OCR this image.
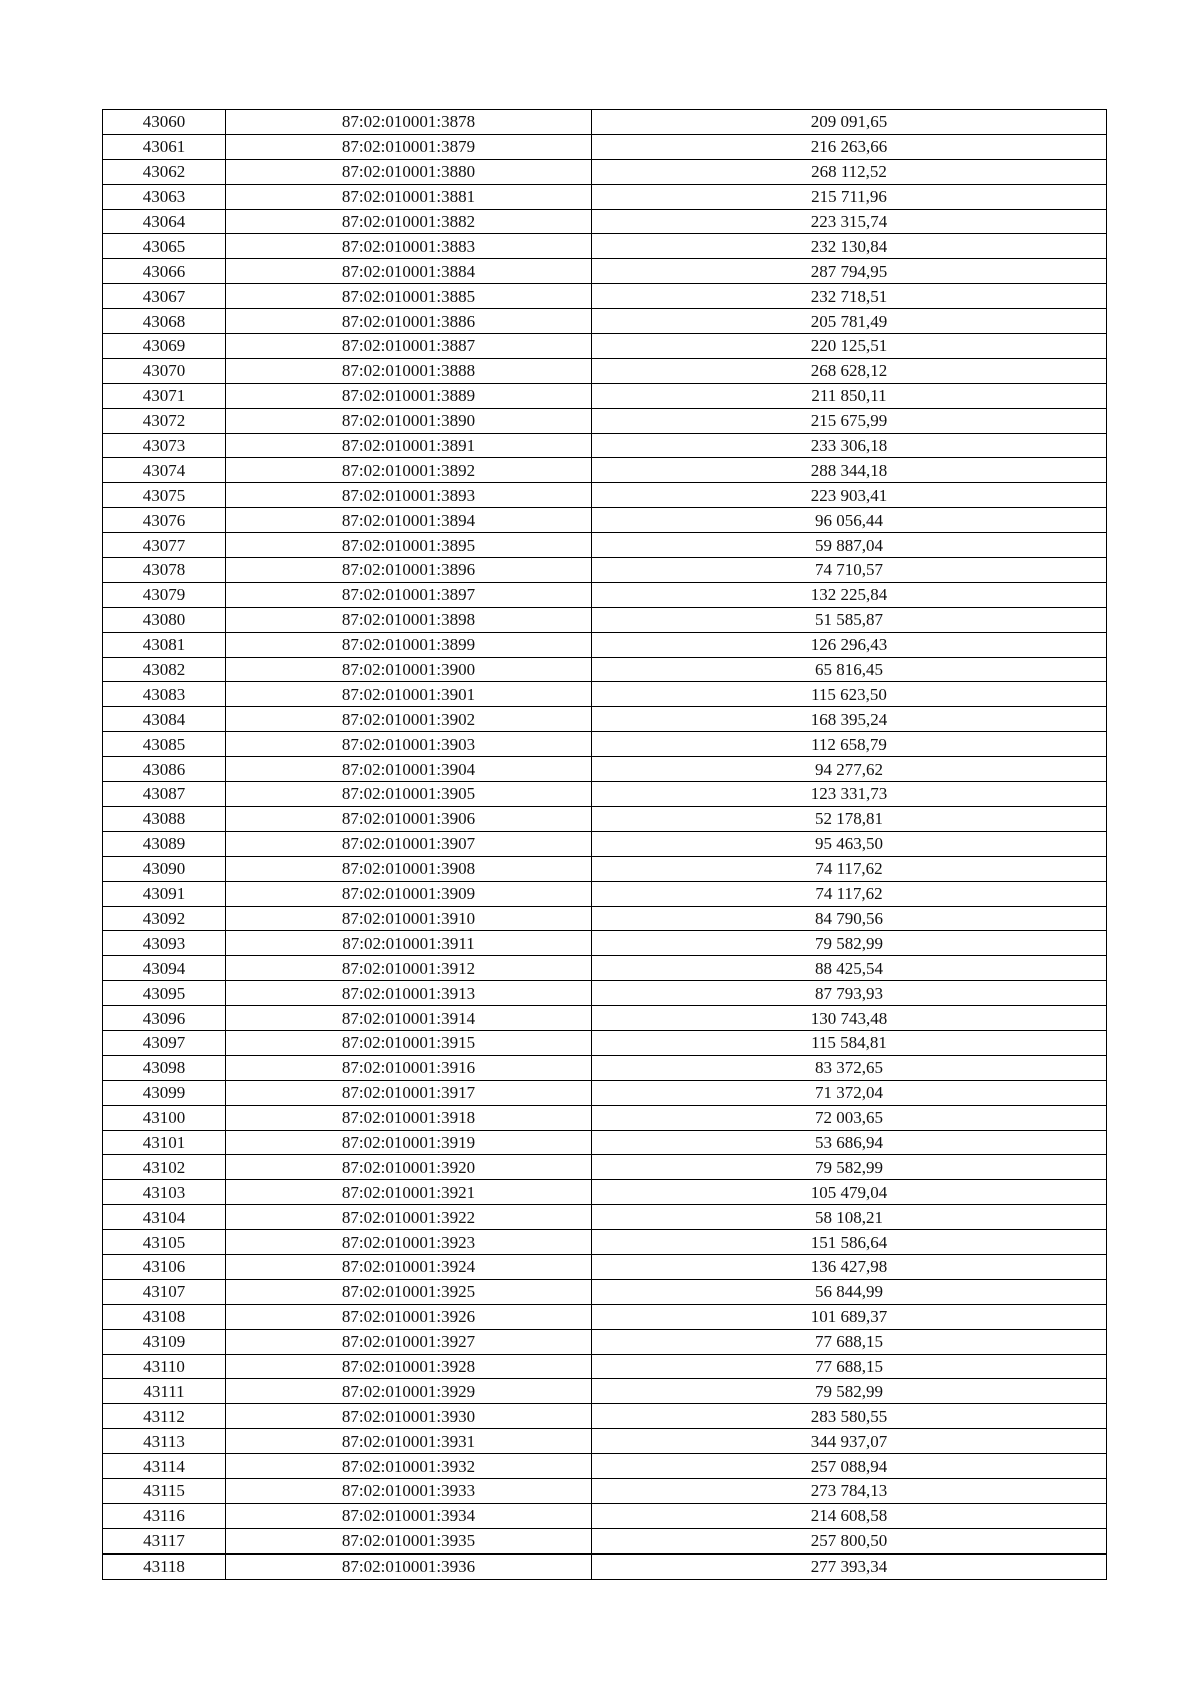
43060	87:02:010001:3878	209 091,65
43061	87:02:010001:3879	216 263,66
43062	87:02:010001:3880	268 112,52
43063	87:02:010001:3881	215 711,96
43064	87:02:010001:3882	223 315,74
43065	87:02:010001:3883	232 130,84
43066	87:02:010001:3884	287 794,95
43067	87:02:010001:3885	232 718,51
43068	87:02:010001:3886	205 781,49
43069	87:02:010001:3887	220 125,51
43070	87:02:010001:3888	268 628,12
43071	87:02:010001:3889	211 850,11
43072	87:02:010001:3890	215 675,99
43073	87:02:010001:3891	233 306,18
43074	87:02:010001:3892	288 344,18
43075	87:02:010001:3893	223 903,41
43076	87:02:010001:3894	96 056,44
43077	87:02:010001:3895	59 887,04
43078	87:02:010001:3896	74 710,57
43079	87:02:010001:3897	132 225,84
43080	87:02:010001:3898	51 585,87
43081	87:02:010001:3899	126 296,43
43082	87:02:010001:3900	65 816,45
43083	87:02:010001:3901	115 623,50
43084	87:02:010001:3902	168 395,24
43085	87:02:010001:3903	112 658,79
43086	87:02:010001:3904	94 277,62
43087	87:02:010001:3905	123 331,73
43088	87:02:010001:3906	52 178,81
43089	87:02:010001:3907	95 463,50
43090	87:02:010001:3908	74 117,62
43091	87:02:010001:3909	74 117,62
43092	87:02:010001:3910	84 790,56
43093	87:02:010001:3911	79 582,99
43094	87:02:010001:3912	88 425,54
43095	87:02:010001:3913	87 793,93
43096	87:02:010001:3914	130 743,48
43097	87:02:010001:3915	115 584,81
43098	87:02:010001:3916	83 372,65
43099	87:02:010001:3917	71 372,04
43100	87:02:010001:3918	72 003,65
43101	87:02:010001:3919	53 686,94
43102	87:02:010001:3920	79 582,99
43103	87:02:010001:3921	105 479,04
43104	87:02:010001:3922	58 108,21
43105	87:02:010001:3923	151 586,64
43106	87:02:010001:3924	136 427,98
43107	87:02:010001:3925	56 844,99
43108	87:02:010001:3926	101 689,37
43109	87:02:010001:3927	77 688,15
43110	87:02:010001:3928	77 688,15
43111	87:02:010001:3929	79 582,99
43112	87:02:010001:3930	283 580,55
43113	87:02:010001:3931	344 937,07
43114	87:02:010001:3932	257 088,94
43115	87:02:010001:3933	273 784,13
43116	87:02:010001:3934	214 608,58
43117	87:02:010001:3935	257 800,50
43118	87:02:010001:3936	277 393,34
